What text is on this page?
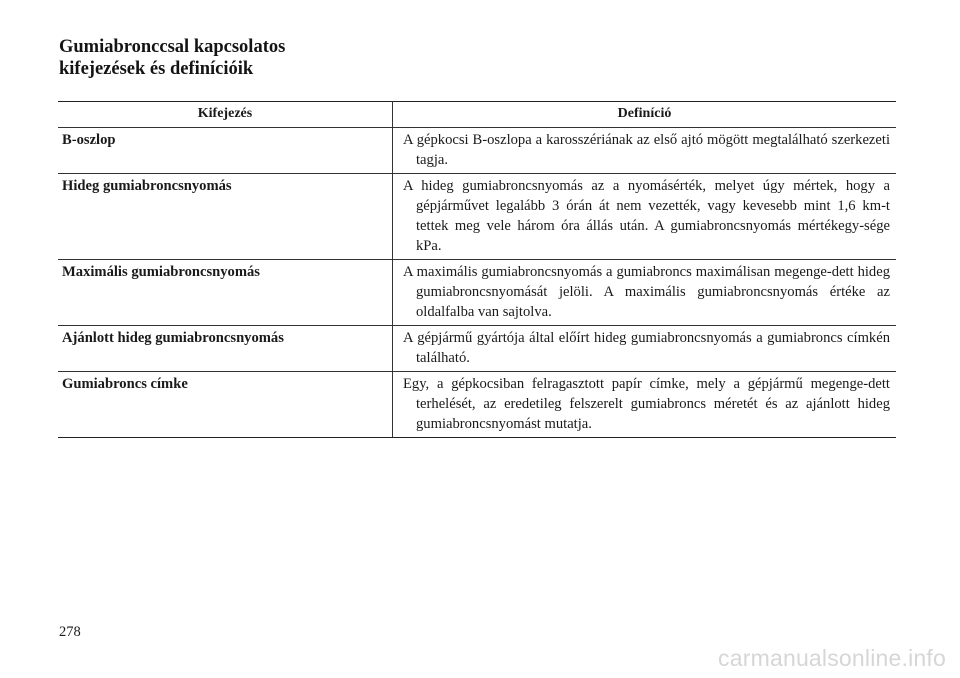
Gumiabronccsal kapcsolatos
kifejezések és definícióik
Kifejezés	Definíció
B-oszlop	A gépkocsi B-oszlopa a karosszériának az első ajtó mögött megtalálható szerkezeti tagja.

Hideg gumiabroncsnyomás	A hideg gumiabroncsnyomás az a nyomásérték, melyet úgy mértek, hogy a gépjárművet legalább 3 órán át nem vezették, vagy kevesebb mint 1,6 km-t tettek meg vele három óra állás után. A gumiabroncsnyomás mértékegy-sége kPa.

Maximális gumiabroncsnyomás	A maximális gumiabroncsnyomás a gumiabroncs maximálisan megenge-dett hideg gumiabroncsnyomását jelöli. A maximális gumiabroncsnyomás értéke az oldalfalba van sajtolva.

Ajánlott hideg gumiabroncsnyomás	A gépjármű gyártója által előírt hideg gumiabroncsnyomás a gumiabroncs címkén található.

Gumiabroncs címke	Egy, a gépkocsiban felragasztott papír címke, mely a gépjármű megenge-dett terhelését, az eredetileg felszerelt gumiabroncs méretét és az ajánlott hideg gumiabroncsnyomást mutatja.
278
carmanualsonline.info
